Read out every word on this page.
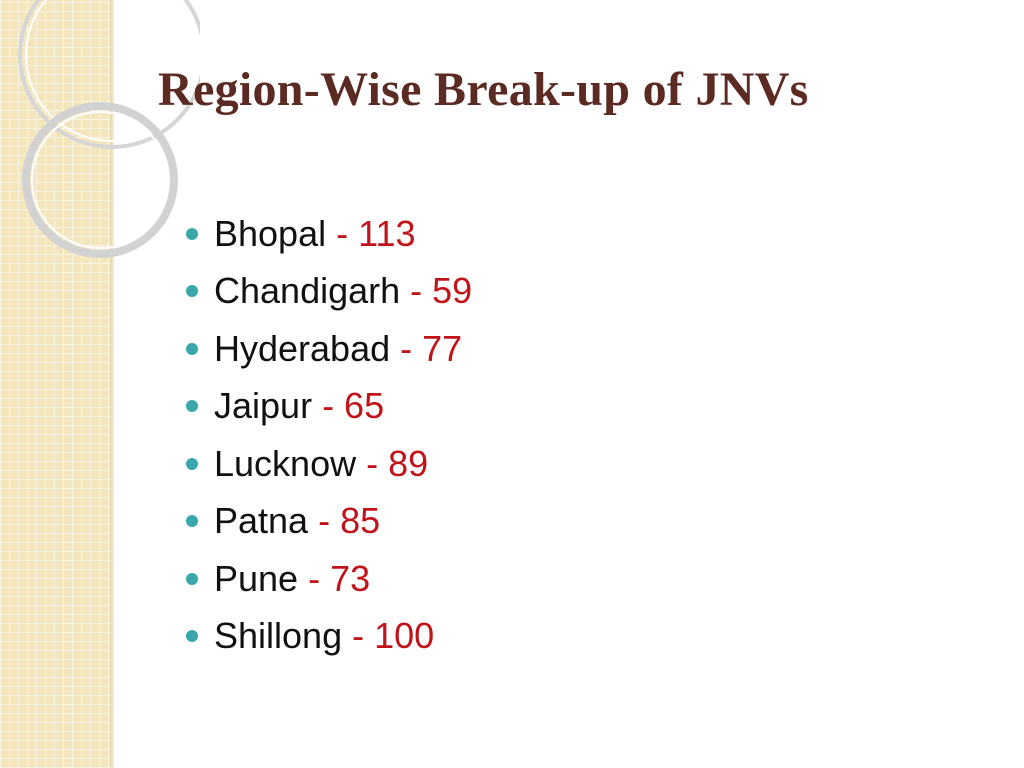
Region-Wise Break-up of JNVs
Bhopal - 113
Chandigarh - 59
Hyderabad - 77
Jaipur - 65
Lucknow - 89
Patna - 85
Pune - 73
Shillong - 100
